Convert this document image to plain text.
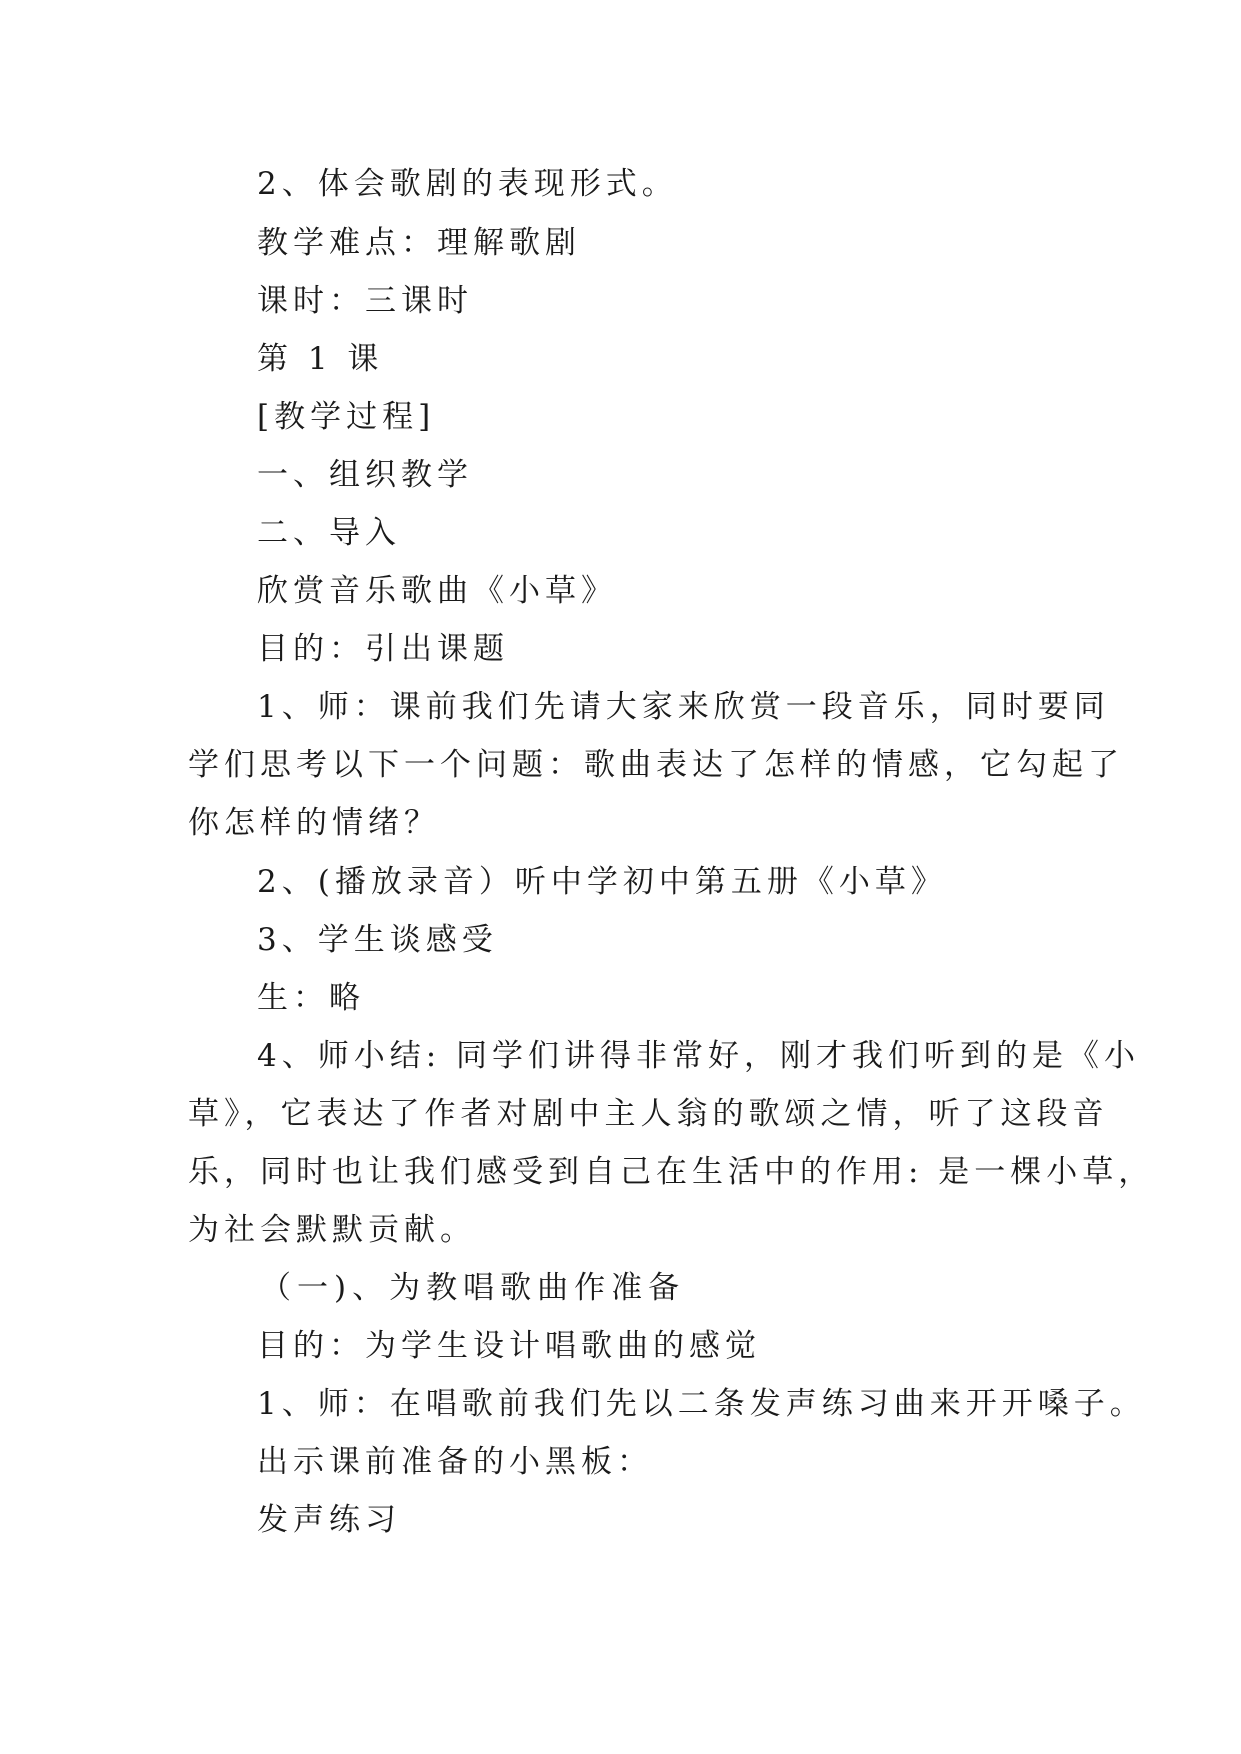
2、体会歌剧的表现形式。
教学难点：理解歌剧
课时：三课时
第 1 课
[教学过程]
一、组织教学
二、导入
欣赏音乐歌曲《小草》
目的：引出课题
1、师：课前我们先请大家来欣赏一段音乐，同时要同
学们思考以下一个问题：歌曲表达了怎样的情感，它勾起了
你怎样的情绪？
2、(播放录音）听中学初中第五册《小草》
3、学生谈感受
生：略
4、师小结: 同学们讲得非常好，刚才我们听到的是《小
草》，它表达了作者对剧中主人翁的歌颂之情，听了这段音
乐，同时也让我们感受到自己在生活中的作用: 是一棵小草，
为社会默默贡献。
（一)、为教唱歌曲作准备
目的：为学生设计唱歌曲的感觉
1、师：在唱歌前我们先以二条发声练习曲来开开嗓子。
出示课前准备的小黑板：
发声练习
